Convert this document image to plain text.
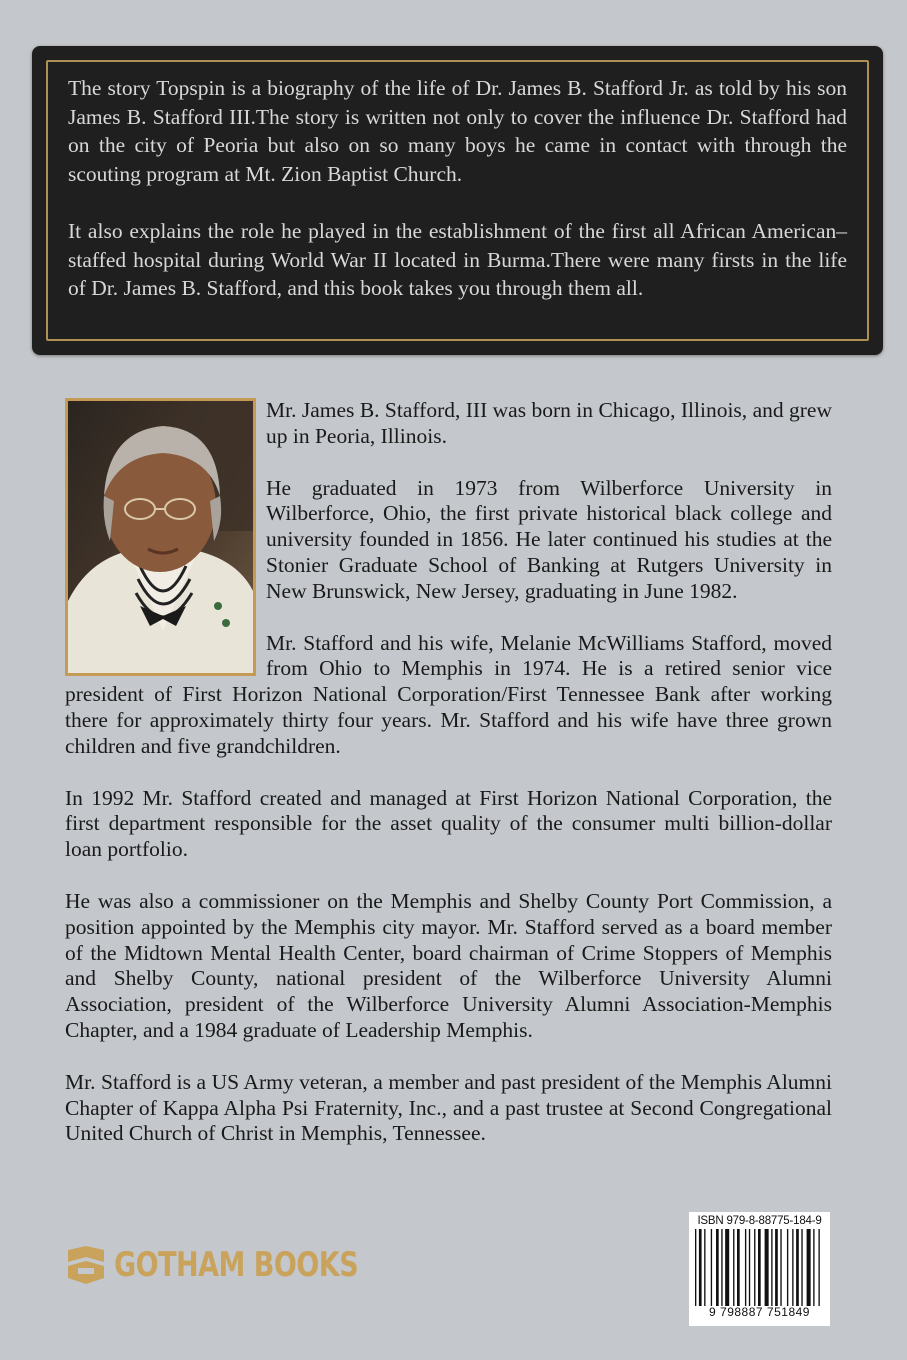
The story Topspin is a biography of the life of Dr. James B. Stafford Jr. as told by his son James B. Stafford III.The story is written not only to cover the influence Dr. Stafford had on the city of Peoria but also on so many boys he came in contact with through the scouting program at Mt. Zion Baptist Church.

It also explains the role he played in the establishment of the first all African American–staffed hospital during World War II located in Burma.There were many firsts in the life of Dr. James B. Stafford, and this book takes you through them all.

Mr. James B. Stafford, III was born in Chicago, Illinois, and grew up in Peoria, Illinois.

He graduated in 1973 from Wilberforce University in Wilberforce, Ohio, the first private historical black college and university founded in 1856. He later continued his studies at the Stonier Graduate School of Banking at Rutgers University in New Brunswick, New Jersey, graduating in June 1982.

Mr. Stafford and his wife, Melanie McWilliams Stafford, moved from Ohio to Memphis in 1974. He is a retired senior vice president of First Horizon National Corporation/First Tennessee Bank after working there for approximately thirty four years. Mr. Stafford and his wife have three grown children and five grandchildren.

In 1992 Mr. Stafford created and managed at First Horizon National Corporation, the first department responsible for the asset quality of the consumer multi billion-dollar loan portfolio.

He was also a commissioner on the Memphis and Shelby County Port Commission, a position appointed by the Memphis city mayor. Mr. Stafford served as a board member of the Midtown Mental Health Center, board chairman of Crime Stoppers of Memphis and Shelby County, national president of the Wilberforce University Alumni Association, president of the Wilberforce University Alumni Association-Memphis Chapter, and a 1984 graduate of Leadership Memphis.

Mr. Stafford is a US Army veteran, a member and past president of the Memphis Alumni Chapter of Kappa Alpha Psi Fraternity, Inc., and a past trustee at Second Congregational United Church of Christ in Memphis, Tennessee.

GOTHAM BOOKS
ISBN 979-8-88775-184-9
9 798887 751849
